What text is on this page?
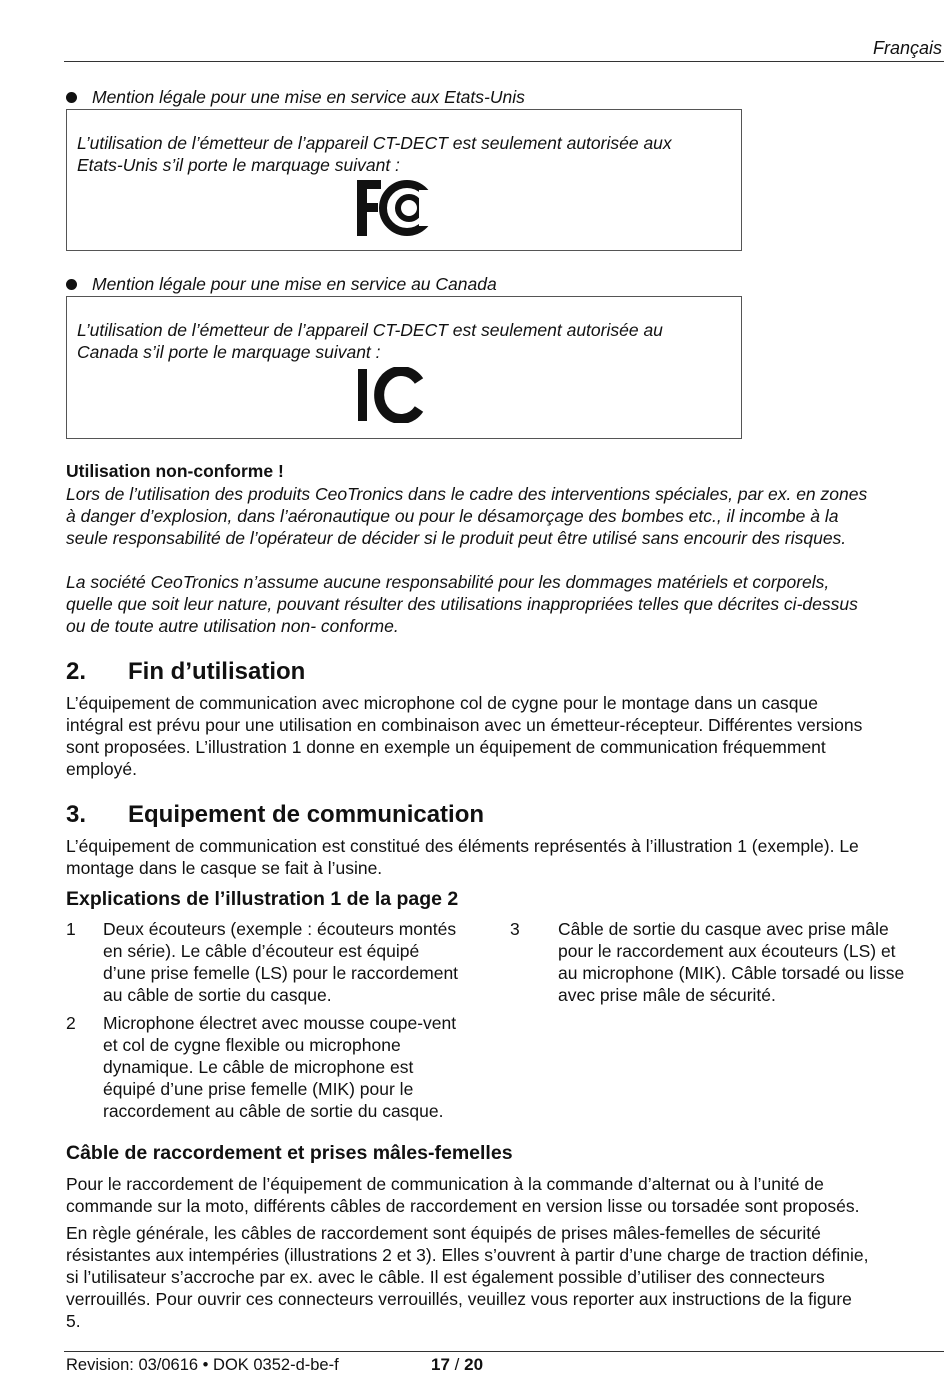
Français
Mention légale pour une mise en service aux Etats-Unis
L’utilisation de l’émetteur de l’appareil CT-DECT est seulement autorisée aux
Etats-Unis s’il porte le marquage suivant :
Mention légale pour une mise en service au Canada
L’utilisation de l’émetteur de l’appareil CT-DECT est seulement autorisée au
Canada s’il porte le marquage suivant :
Utilisation non-conforme !
Lors de l’utilisation des produits CeoTronics dans le cadre des interventions spéciales, par ex. en zones
à danger d’explosion, dans l’aéronautique ou pour le désamorçage des bombes etc., il incombe à la
seule responsabilité de l’opérateur de décider si le produit peut être utilisé sans encourir des risques.
La société CeoTronics n’assume aucune responsabilité pour les dommages matériels et corporels,
quelle que soit leur nature, pouvant résulter des utilisations inappropriées telles que décrites ci-dessus
ou de toute autre utilisation non- conforme.
2.	Fin d’utilisation
L’équipement de communication avec microphone col de cygne pour le montage dans un casque
intégral est prévu pour une utilisation en combinaison avec un émetteur-récepteur. Différentes versions
sont proposées. L’illustration 1 donne en exemple un équipement de communication fréquemment
employé.
3.	Equipement de communication
L’équipement de communication est constitué des éléments représentés à l’illustration 1 (exemple). Le
montage dans le casque se fait à l’usine.
Explications de l’illustration 1 de la page 2
1 Deux écouteurs (exemple : écouteurs montés
en série). Le câble d’écouteur est équipé
d’une prise femelle (LS) pour le raccordement
au câble de sortie du casque.
2 Microphone électret avec mousse coupe-vent
et col de cygne flexible ou microphone
dynamique. Le câble de microphone est
équipé d’une prise femelle (MIK) pour le
raccordement au câble de sortie du casque.
3 Câble de sortie du casque avec prise mâle
pour le raccordement aux écouteurs (LS) et
au microphone (MIK). Câble torsadé ou lisse
avec prise mâle de sécurité.
Câble de raccordement et prises mâles-femelles
Pour le raccordement de l’équipement de communication à la commande d’alternat ou à l’unité de
commande sur la moto, différents câbles de raccordement en version lisse ou torsadée sont proposés.
En règle générale, les câbles de raccordement sont équipés de prises mâles-femelles de sécurité
résistantes aux intempéries (illustrations 2 et 3). Elles s’ouvrent à partir d’une charge de traction définie,
si l’utilisateur s’accroche par ex. avec le câble. Il est également possible d’utiliser des connecteurs
verrouillés. Pour ouvrir ces connecteurs verrouillés, veuillez vous reporter aux instructions de la figure
5.
Revision: 03/0616 • DOK 0352-d-be-f	17 / 20
